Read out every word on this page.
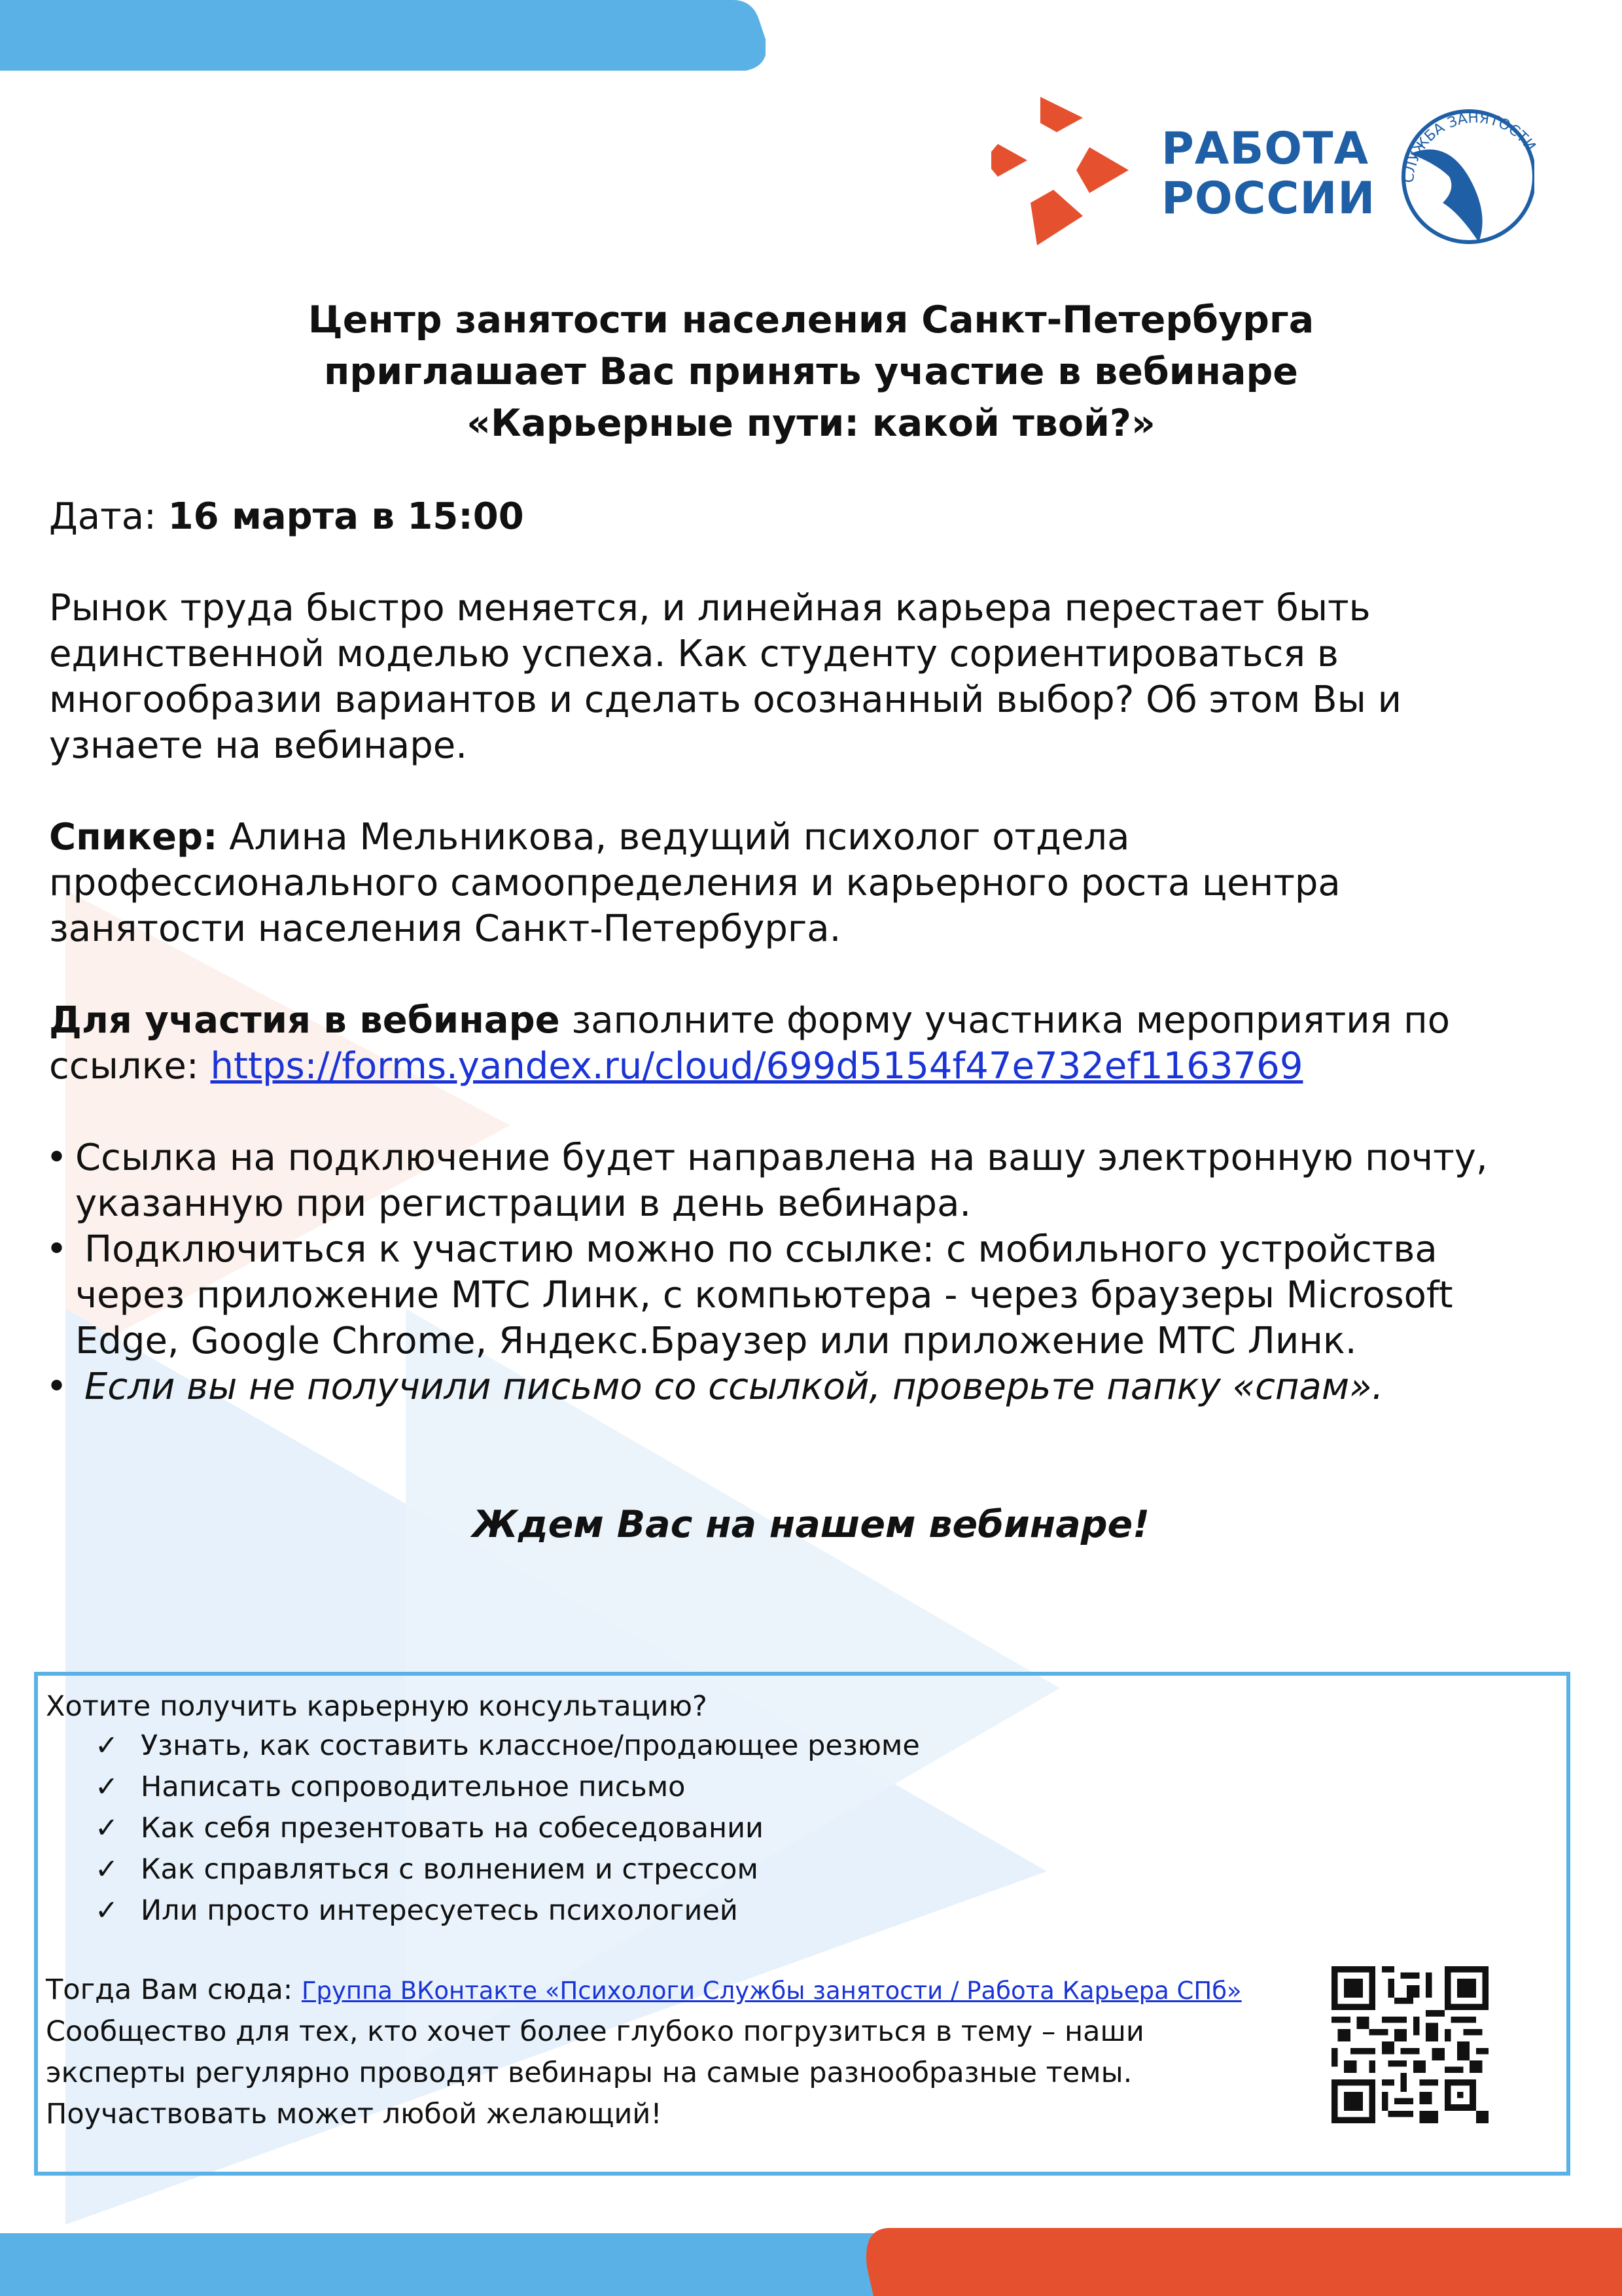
РАБОТА
РОССИИ	СЛУЖБА ЗАНЯТОСТИ
Центр занятости населения Санкт-Петербурга
приглашает Вас принять участие в вебинаре
«Карьерные пути: какой твой?»
Дата: 16 марта в 15:00
Рынок труда быстро меняется, и линейная карьера перестает быть
единственной моделью успеха. Как студенту сориентироваться в
многообразии вариантов и сделать осознанный выбор? Об этом Вы и
узнаете на вебинаре.
Спикер: Алина Мельникова, ведущий психолог отдела
профессионального самоопределения и карьерного роста центра
занятости населения Санкт-Петербурга.
Для участия в вебинаре заполните форму участника мероприятия по
ссылке: https://forms.yandex.ru/cloud/699d5154f47e732ef1163769
• Ссылка на подключение будет направлена на вашу электронную почту,
указанную при регистрации в день вебинара.
• Подключиться к участию можно по ссылке: с мобильного устройства
через приложение МТС Линк, с компьютера - через браузеры Microsoft
Edge, Google Chrome, Яндекс.Браузер или приложение МТС Линк.
• Если вы не получили письмо со ссылкой, проверьте папку «спам».
Ждем Вас на нашем вебинаре!
Хотите получить карьерную консультацию?
✓ Узнать, как составить классное/продающее резюме
✓ Написать сопроводительное письмо
✓ Как себя презентовать на собеседовании
✓ Как справляться с волнением и стрессом
✓ Или просто интересуетесь психологией
Тогда Вам сюда: Группа ВКонтакте «Психологи Службы занятости / Работа Карьера СПб»
Сообщество для тех, кто хочет более глубоко погрузиться в тему – наши
эксперты регулярно проводят вебинары на самые разнообразные темы.
Поучаствовать может любой желающий!
